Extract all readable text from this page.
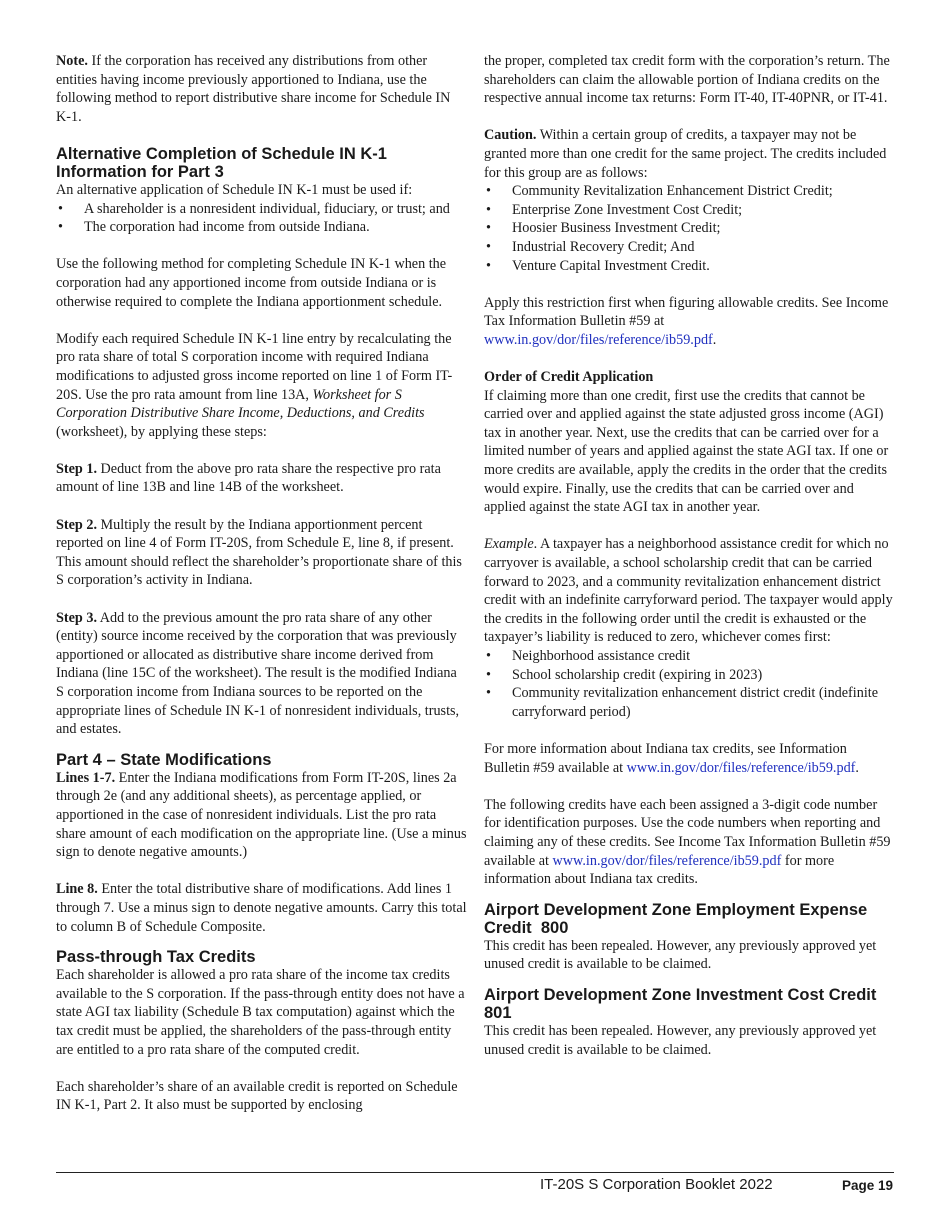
Note. If the corporation has received any distributions from other entities having income previously apportioned to Indiana, use the following method to report distributive share income for Schedule IN K-1.

Alternative Completion of Schedule IN K-1 Information for Part 3

An alternative application of Schedule IN K-1 must be used if:

• A shareholder is a nonresident individual, fiduciary, or trust; and
• The corporation had income from outside Indiana.

Use the following method for completing Schedule IN K-1 when the corporation had any apportioned income from outside Indiana or is otherwise required to complete the Indiana apportionment schedule.

Modify each required Schedule IN K-1 line entry by recalculating the pro rata share of total S corporation income with required Indiana modifications to adjusted gross income reported on line 1 of Form IT-20S. Use the pro rata amount from line 13A, Worksheet for S Corporation Distributive Share Income, Deductions, and Credits (worksheet), by applying these steps:

Step 1. Deduct from the above pro rata share the respective pro rata amount of line 13B and line 14B of the worksheet.

Step 2. Multiply the result by the Indiana apportionment percent reported on line 4 of Form IT-20S, from Schedule E, line 8, if present. This amount should reflect the shareholder’s proportionate share of this S corporation’s activity in Indiana.

Step 3. Add to the previous amount the pro rata share of any other (entity) source income received by the corporation that was previously apportioned or allocated as distributive share income derived from Indiana (line 15C of the worksheet). The result is the modified Indiana S corporation income from Indiana sources to be reported on the appropriate lines of Schedule IN K-1 of nonresident individuals, trusts, and estates.

Part 4 – State Modifications

Lines 1-7. Enter the Indiana modifications from Form IT-20S, lines 2a through 2e (and any additional sheets), as percentage applied, or apportioned in the case of nonresident individuals. List the pro rata share amount of each modification on the appropriate line. (Use a minus sign to denote negative amounts.)

Line 8. Enter the total distributive share of modifications. Add lines 1 through 7. Use a minus sign to denote negative amounts. Carry this total to column B of Schedule Composite.

Pass-through Tax Credits

Each shareholder is allowed a pro rata share of the income tax credits available to the S corporation. If the pass-through entity does not have a state AGI tax liability (Schedule B tax computation) against which the tax credit must be applied, the shareholders of the pass-through entity are entitled to a pro rata share of the computed credit.

Each shareholder’s share of an available credit is reported on Schedule IN K-1, Part 2. It also must be supported by enclosing

the proper, completed tax credit form with the corporation’s return. The shareholders can claim the allowable portion of Indiana credits on the respective annual income tax returns: Form IT-40, IT-40PNR, or IT-41.

Caution. Within a certain group of credits, a taxpayer may not be granted more than one credit for the same project. The credits included for this group are as follows:

• Community Revitalization Enhancement District Credit;
• Enterprise Zone Investment Cost Credit;
• Hoosier Business Investment Credit;
• Industrial Recovery Credit; And
• Venture Capital Investment Credit.

Apply this restriction first when figuring allowable credits. See Income Tax Information Bulletin #59 at www.in.gov/dor/files/reference/ib59.pdf.

Order of Credit Application

If claiming more than one credit, first use the credits that cannot be carried over and applied against the state adjusted gross income (AGI) tax in another year. Next, use the credits that can be carried over for a limited number of years and applied against the state AGI tax. If one or more credits are available, apply the credits in the order that the credits would expire. Finally, use the credits that can be carried over and applied against the state AGI tax in another year.

Example. A taxpayer has a neighborhood assistance credit for which no carryover is available, a school scholarship credit that can be carried forward to 2023, and a community revitalization enhancement district credit with an indefinite carryforward period. The taxpayer would apply the credits in the following order until the credit is exhausted or the taxpayer’s liability is reduced to zero, whichever comes first:

• Neighborhood assistance credit
• School scholarship credit (expiring in 2023)
• Community revitalization enhancement district credit (indefinite carryforward period)

For more information about Indiana tax credits, see Information Bulletin #59 available at www.in.gov/dor/files/reference/ib59.pdf.

The following credits have each been assigned a 3-digit code number for identification purposes. Use the code numbers when reporting and claiming any of these credits. See Income Tax Information Bulletin #59 available at www.in.gov/dor/files/reference/ib59.pdf for more information about Indiana tax credits.

Airport Development Zone Employment Expense Credit  800

This credit has been repealed. However, any previously approved yet unused credit is available to be claimed.

Airport Development Zone Investment Cost Credit  801

This credit has been repealed. However, any previously approved yet unused credit is available to be claimed.

IT-20S S Corporation Booklet 2022	Page 19
